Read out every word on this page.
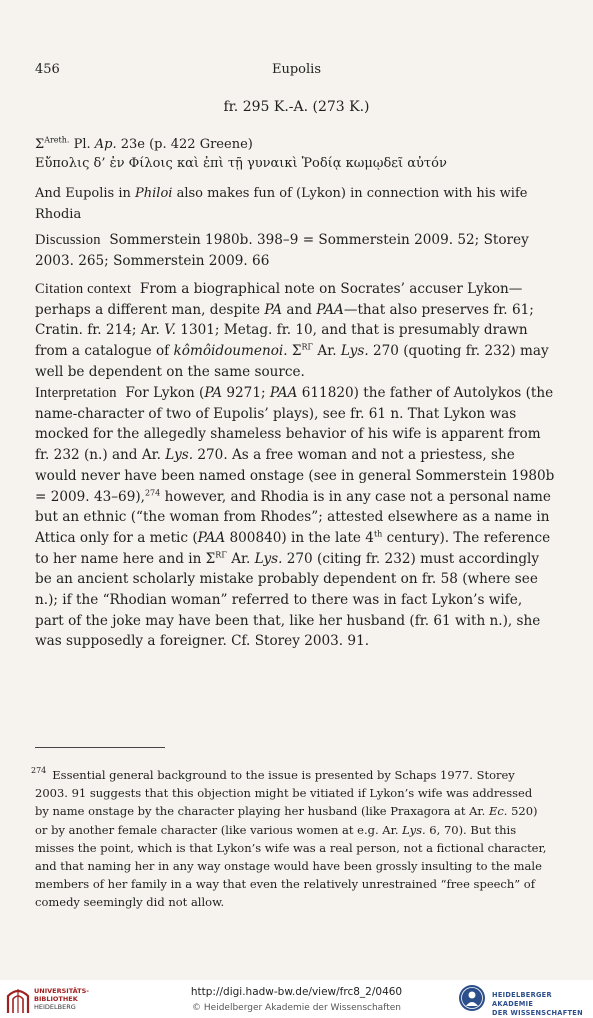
456	Eupolis
fr. 295 K.-A. (273 K.)
$\Sigma^{Areth.}$ Pl. Ap. 23e (p. 422 Greene)
Εὔπολις δ’ ἐν Φίλοις καὶ ἐπὶ τῇ γυναικὶ Ῥοδίᾳ κωμῳδεῖ αὐτόν
And Eupolis in Philoi also makes fun of (Lykon) in connection with his wife Rhodia
Discussion Sommerstein 1980b. 398–9 = Sommerstein 2009. 52; Storey 2003. 265; Sommerstein 2009. 66
Citation context From a biographical note on Socrates’ accuser Lykon—perhaps a different man, despite PA and PAA—that also preserves fr. 61; Cratin. fr. 214; Ar. V. 1301; Metag. fr. 10, and that is presumably drawn from a catalogue of kômôidoumenoi. $\Sigma^{R\Gamma}$ Ar. Lys. 270 (quoting fr. 232) may well be dependent on the same source.
Interpretation For Lykon (PA 9271; PAA 611820) the father of Autolykos (the name-character of two of Eupolis’ plays), see fr. 61 n. That Lykon was mocked for the allegedly shameless behavior of his wife is apparent from fr. 232 (n.) and Ar. Lys. 270. As a free woman and not a priestess, she would never have been named onstage (see in general Sommerstein 1980b = 2009. 43–69),$^{274}$ however, and Rhodia is in any case not a personal name but an ethnic (“the woman from Rhodes”; attested elsewhere as a name in Attica only for a metic (PAA 800840) in the late 4th century). The reference to her name here and in $\Sigma^{R\Gamma}$ Ar. Lys. 270 (citing fr. 232) must accordingly be an ancient scholarly mistake probably dependent on fr. 58 (where see n.); if the “Rhodian woman” referred to there was in fact Lykon’s wife, part of the joke may have been that, like her husband (fr. 61 with n.), she was supposedly a foreigner. Cf. Storey 2003. 91.
$^{274}$ Essential general background to the issue is presented by Schaps 1977. Storey 2003. 91 suggests that this objection might be vitiated if Lykon’s wife was addressed by name onstage by the character playing her husband (like Praxagora at Ar. Ec. 520) or by another female character (like various women at e.g. Ar. Lys. 6, 70). But this misses the point, which is that Lykon’s wife was a real person, not a fictional character, and that naming her in any way onstage would have been grossly insulting to the male members of her family in a way that even the relatively unrestrained “free speech” of comedy seemingly did not allow.
UNIVERSITÄTS-
BIBLIOTHEK
HEIDELBERG
http://digi.hadw-bw.de/view/frc8_2/0460
© Heidelberger Akademie der Wissenschaften
HEIDELBERGER AKADEMIE
DER WISSENSCHAFTEN
